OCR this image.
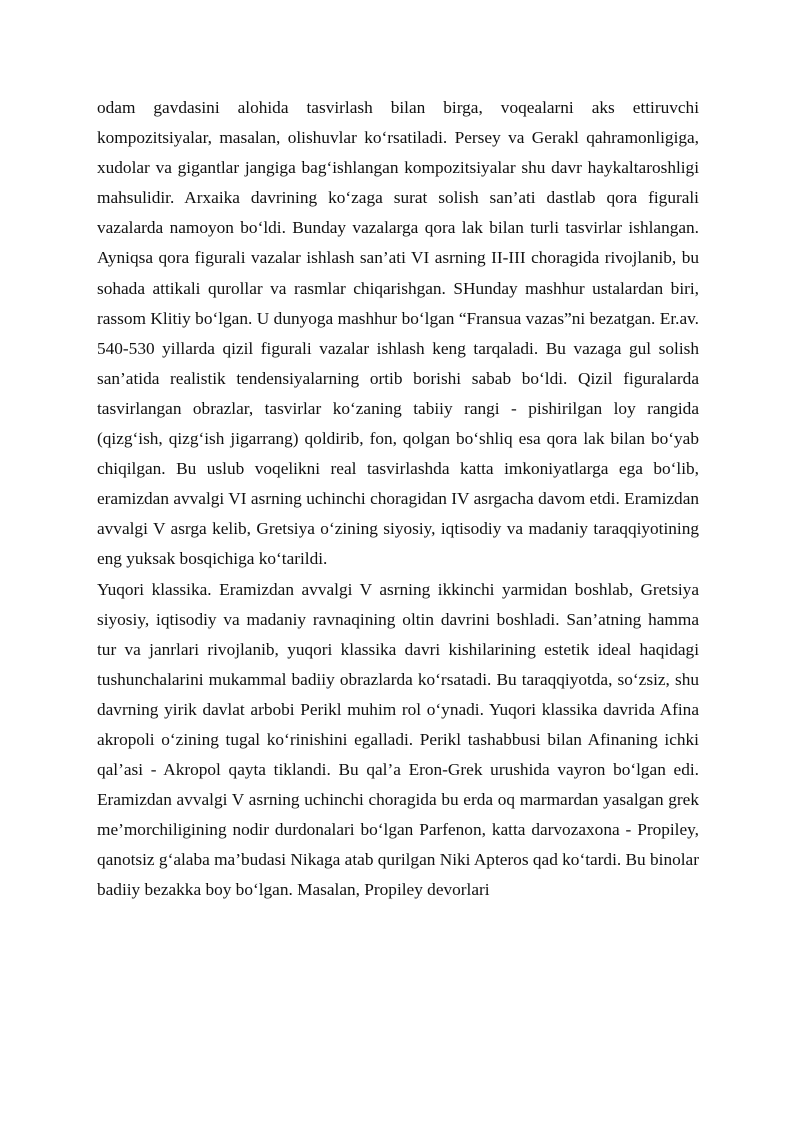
odam gavdasini alohida tasvirlash bilan birga, voqealarni aks ettiruvchi kompozitsiyalar, masalan, olishuvlar koʻrsatiladi. Persey va Gerakl qahramonligiga, xudolar va gigantlar jangiga bagʻishlangan kompozitsiyalar shu davr haykaltaroshligi mahsulidir. Arxaika davrining koʻzaga surat solish san’ati dastlab qora figurali vazalarda namoyon boʻldi. Bunday vazalarga qora lak bilan turli tasvirlar ishlangan. Ayniqsa qora figurali vazalar ishlash san’ati VI asrning II-III choragida rivojlanib, bu sohada attikali qurollar va rasmlar chiqarishgan. SHunday mashhur ustalardan biri, rassom Klitiy boʻlgan. U dunyoga mashhur boʻlgan “Fransua vazas”ni bezatgan. Er.av. 540-530 yillarda qizil figurali vazalar ishlash keng tarqaladi. Bu vazaga gul solish san’atida realistik tendensiyalarning ortib borishi sabab boʻldi. Qizil figuralarda tasvirlangan obrazlar, tasvirlar koʻzaning tabiiy rangi - pishirilgan loy rangida (qizgʻish, qizgʻish jigarrang) qoldirib, fon, qolgan boʻshliq esa qora lak bilan boʻyab chiqilgan. Bu uslub voqelikni real tasvirlashda katta imkoniyatlarga ega boʻlib, eramizdan avvalgi VI asrning uchinchi choragidan IV asrgacha davom etdi. Eramizdan avvalgi V asrga kelib, Gretsiya oʻzining siyosiy, iqtisodiy va madaniy taraqqiyotining eng yuksak bosqichiga koʻtarildi.

Yuqori klassika. Eramizdan avvalgi V asrning ikkinchi yarmidan boshlab, Gretsiya siyosiy, iqtisodiy va madaniy ravnaqining oltin davrini boshladi. San’atning hamma tur va janrlari rivojlanib, yuqori klassika davri kishilarining estetik ideal haqidagi tushunchalarini mukammal badiiy obrazlarda koʻrsatadi. Bu taraqqiyotda, soʻzsiz, shu davrning yirik davlat arbobi Perikl muhim rol oʻynadi. Yuqori klassika davrida Afina akropoli oʻzining tugal koʻrinishini egalladi. Perikl tashabbusi bilan Afinaning ichki qal’asi - Akropol qayta tiklandi. Bu qal’a Eron-Grek urushida vayron boʻlgan edi. Eramizdan avvalgi V asrning uchinchi choragida bu erda oq marmardan yasalgan grek me’morchiligining nodir durdonalari boʻlgan Parfenon, katta darvozaxona - Propiley, qanotsiz gʻalaba ma’budasi Nikaga atab qurilgan Niki Apteros qad koʻtardi. Bu binolar badiiy bezakka boy boʻlgan. Masalan, Propiley devorlari
